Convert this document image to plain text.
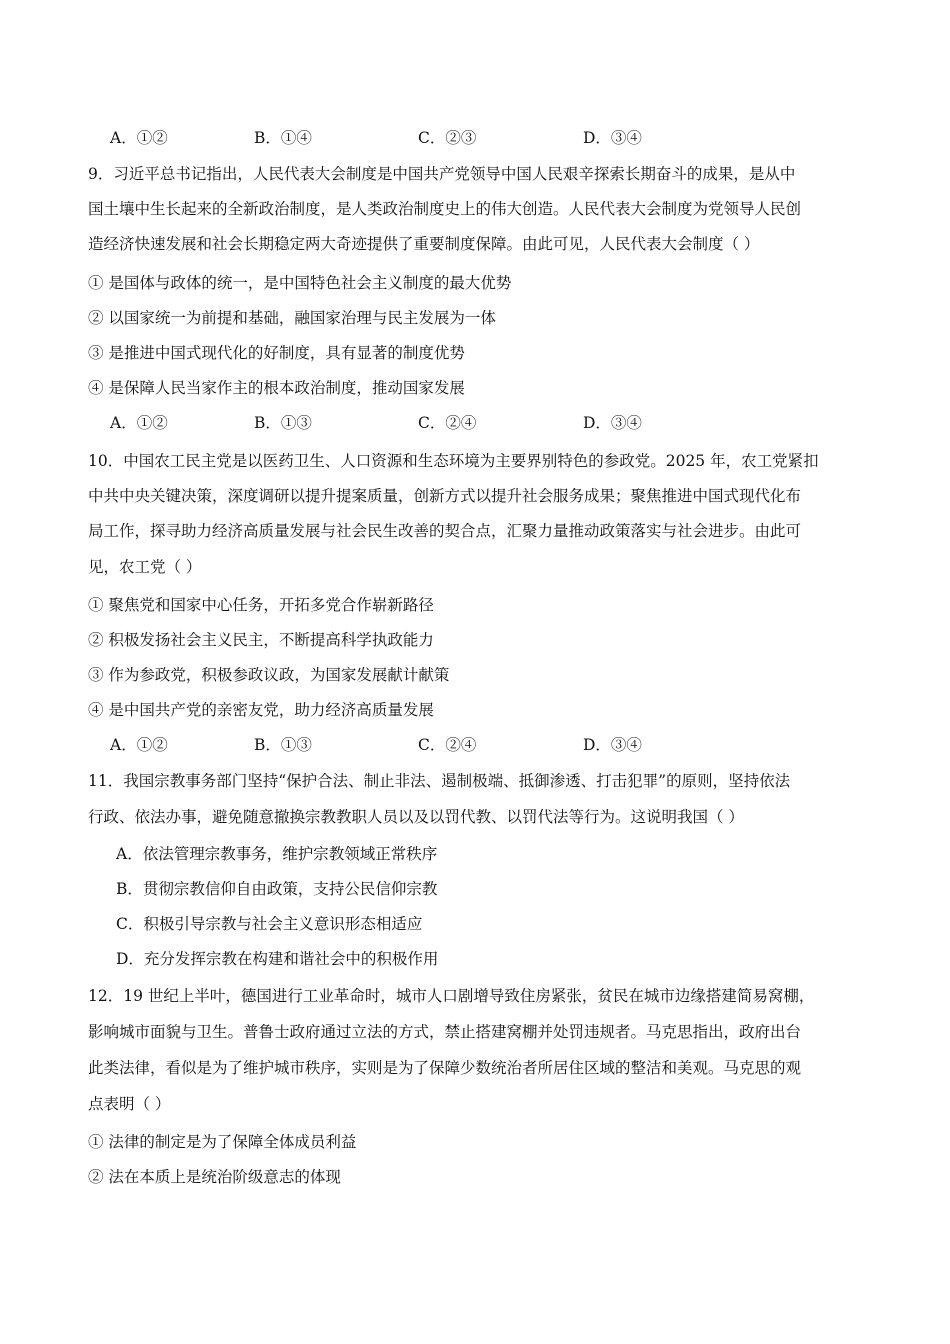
A．①②	B．①④	C．②③	D．③④
9．习近平总书记指出，人民代表大会制度是中国共产党领导中国人民艰辛探索长期奋斗的成果，是从中
国土壤中生长起来的全新政治制度，是人类政治制度史上的伟大创造。人民代表大会制度为党领导人民创
造经济快速发展和社会长期稳定两大奇迹提供了重要制度保障。由此可见，人民代表大会制度（ ）
① 是国体与政体的统一，是中国特色社会主义制度的最大优势
② 以国家统一为前提和基础，融国家治理与民主发展为一体
③ 是推进中国式现代化的好制度，具有显著的制度优势
④ 是保障人民当家作主的根本政治制度，推动国家发展
A．①②	B．①③	C．②④	D．③④
10．中国农工民主党是以医药卫生、人口资源和生态环境为主要界别特色的参政党。2025 年，农工党紧扣
中共中央关键决策，深度调研以提升提案质量，创新方式以提升社会服务成果；聚焦推进中国式现代化布
局工作，探寻助力经济高质量发展与社会民生改善的契合点，汇聚力量推动政策落实与社会进步。由此可
见，农工党（ ）
① 聚焦党和国家中心任务，开拓多党合作崭新路径
② 积极发扬社会主义民主，不断提高科学执政能力
③ 作为参政党，积极参政议政，为国家发展献计献策
④ 是中国共产党的亲密友党，助力经济高质量发展
A．①②	B．①③	C．②④	D．③④
11．我国宗教事务部门坚持“保护合法、制止非法、遏制极端、抵御渗透、打击犯罪”的原则，坚持依法
行政、依法办事，避免随意撤换宗教教职人员以及以罚代教、以罚代法等行为。这说明我国（ ）
A．依法管理宗教事务，维护宗教领域正常秩序
B．贯彻宗教信仰自由政策，支持公民信仰宗教
C．积极引导宗教与社会主义意识形态相适应
D．充分发挥宗教在构建和谐社会中的积极作用
12．19 世纪上半叶，德国进行工业革命时，城市人口剧增导致住房紧张，贫民在城市边缘搭建简易窝棚，
影响城市面貌与卫生。普鲁士政府通过立法的方式，禁止搭建窝棚并处罚违规者。马克思指出，政府出台
此类法律，看似是为了维护城市秩序，实则是为了保障少数统治者所居住区域的整洁和美观。马克思的观
点表明（ ）
① 法律的制定是为了保障全体成员利益
② 法在本质上是统治阶级意志的体现
